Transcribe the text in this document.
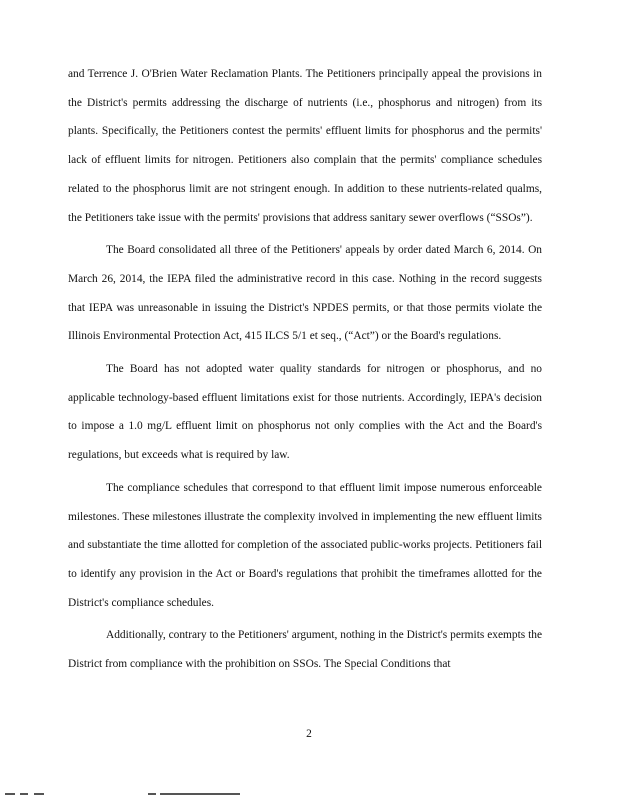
and Terrence J. O'Brien Water Reclamation Plants. The Petitioners principally appeal the provisions in the District's permits addressing the discharge of nutrients (i.e., phosphorus and nitrogen) from its plants. Specifically, the Petitioners contest the permits' effluent limits for phosphorus and the permits' lack of effluent limits for nitrogen. Petitioners also complain that the permits' compliance schedules related to the phosphorus limit are not stringent enough. In addition to these nutrients-related qualms, the Petitioners take issue with the permits' provisions that address sanitary sewer overflows (“SSOs”).

The Board consolidated all three of the Petitioners' appeals by order dated March 6, 2014. On March 26, 2014, the IEPA filed the administrative record in this case. Nothing in the record suggests that IEPA was unreasonable in issuing the District's NPDES permits, or that those permits violate the Illinois Environmental Protection Act, 415 ILCS 5/1 et seq., (“Act”) or the Board's regulations.

The Board has not adopted water quality standards for nitrogen or phosphorus, and no applicable technology-based effluent limitations exist for those nutrients. Accordingly, IEPA's decision to impose a 1.0 mg/L effluent limit on phosphorus not only complies with the Act and the Board's regulations, but exceeds what is required by law.

The compliance schedules that correspond to that effluent limit impose numerous enforceable milestones. These milestones illustrate the complexity involved in implementing the new effluent limits and substantiate the time allotted for completion of the associated public-works projects. Petitioners fail to identify any provision in the Act or Board's regulations that prohibit the timeframes allotted for the District's compliance schedules.

Additionally, contrary to the Petitioners' argument, nothing in the District's permits exempts the District from compliance with the prohibition on SSOs. The Special Conditions that

2
